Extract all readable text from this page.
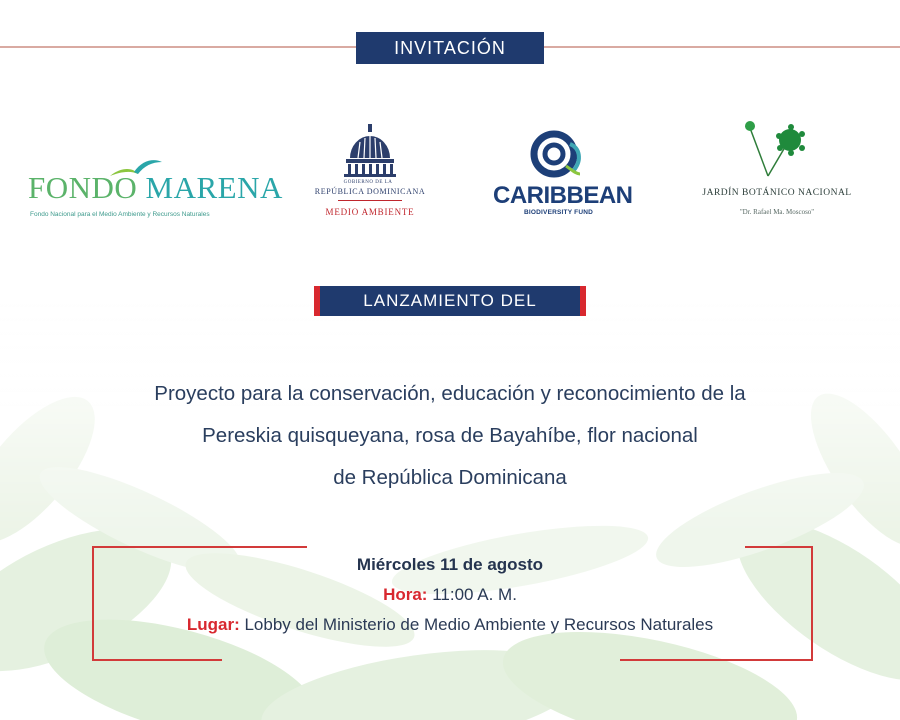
INVITACIÓN
FONDO MARENA
Fondo Nacional para el Medio Ambiente y Recursos Naturales
GOBIERNO DE LA
REPÚBLICA DOMINICANA
MEDIO AMBIENTE
CARIBBEAN
BIODIVERSITY FUND
JARDÍN BOTÁNICO NACIONAL
"Dr. Rafael Ma. Moscoso"
LANZAMIENTO DEL
Proyecto para la conservación, educación y reconocimiento de la
Pereskia quisqueyana, rosa de Bayahíbe, flor nacional
de República Dominicana
Miércoles 11 de agosto
Hora: 11:00 A. M.
Lugar: Lobby del Ministerio de Medio Ambiente y Recursos Naturales
